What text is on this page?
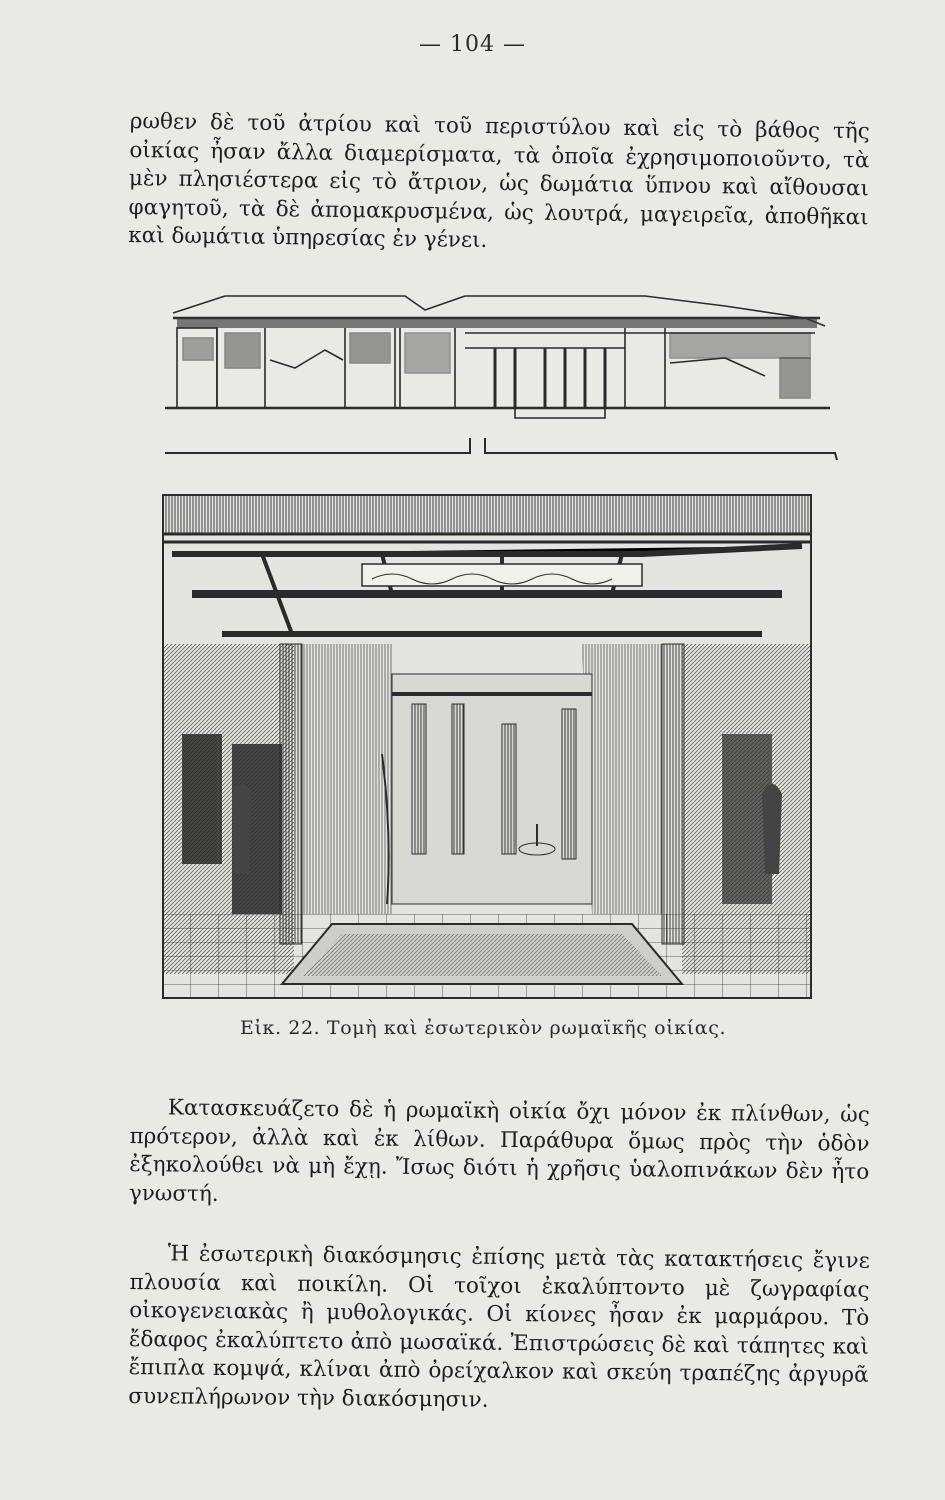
— 104 —

ρωθεν δὲ τοῦ ἀτρίου καὶ τοῦ περιστύλου καὶ εἰς τὸ βάθος τῆς οἰκίας ἦσαν ἄλλα διαμερίσματα, τὰ ὁποῖα ἐχρησιμοποιοῦντο, τὰ μὲν πλησιέστερα εἰς τὸ ἄτριον, ὡς δωμάτια ὕπνου καὶ αἴθουσαι φαγητοῦ, τὰ δὲ ἀπομακρυσμένα, ὡς λουτρά, μαγειρεῖα, ἀποθῆκαι καὶ δωμάτια ὑπηρεσίας ἐν γένει.

Εἰκ. 22. Τομὴ καὶ ἐσωτερικὸν ρωμαϊκῆς οἰκίας.

Κατασκευάζετο δὲ ἡ ρωμαϊκὴ οἰκία ὄχι μόνον ἐκ πλίνθων, ὡς πρότερον, ἀλλὰ καὶ ἐκ λίθων. Παράθυρα ὅμως πρὸς τὴν ὁδὸν ἐξηκολούθει νὰ μὴ ἔχῃ. Ἴσως διότι ἡ χρῆσις ὑαλοπινάκων δὲν ἦτο γνωστή.

Ἡ ἐσωτερικὴ διακόσμησις ἐπίσης μετὰ τὰς κατακτήσεις ἔγινε πλουσία καὶ ποικίλη. Οἱ τοῖχοι ἐκαλύπτοντο μὲ ζωγραφίας οἰκογενειακὰς ἢ μυθολογικάς. Οἱ κίονες ἦσαν ἐκ μαρμάρου. Τὸ ἔδαφος ἐκαλύπτετο ἀπὸ μωσαϊκά. Ἐπιστρώσεις δὲ καὶ τάπητες καὶ ἔπιπλα κομψά, κλίναι ἀπὸ ὀρείχαλκον καὶ σκεύη τραπέζης ἀργυρᾶ συνεπλήρωνον τὴν διακόσμησιν.
